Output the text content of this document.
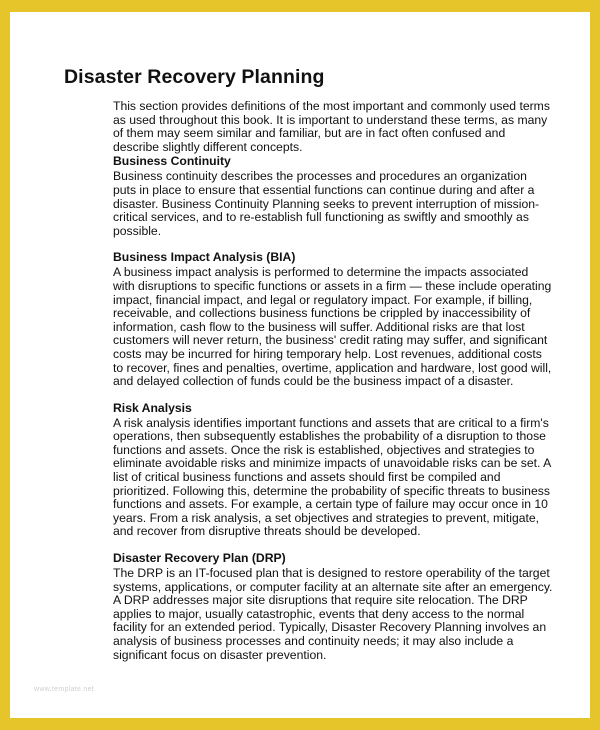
Disaster Recovery Planning

This section provides definitions of the most important and commonly used terms as used throughout this book. It is important to understand these terms, as many of them may seem similar and familiar, but are in fact often confused and describe slightly different concepts.

Business Continuity

Business continuity describes the processes and procedures an organization puts in place to ensure that essential functions can continue during and after a disaster. Business Continuity Planning seeks to prevent interruption of mission-critical services, and to re-establish full functioning as swiftly and smoothly as possible.

Business Impact Analysis (BIA)

A business impact analysis is performed to determine the impacts associated with disruptions to specific functions or assets in a firm — these include operating impact, financial impact, and legal or regulatory impact. For example, if billing, receivable, and collections business functions be crippled by inaccessibility of information, cash flow to the business will suffer. Additional risks are that lost customers will never return, the business' credit rating may suffer, and significant costs may be incurred for hiring temporary help. Lost revenues, additional costs to recover, fines and penalties, overtime, application and hardware, lost good will, and delayed collection of funds could be the business impact of a disaster.

Risk Analysis

A risk analysis identifies important functions and assets that are critical to a firm's operations, then subsequently establishes the probability of a disruption to those functions and assets. Once the risk is established, objectives and strategies to eliminate avoidable risks and minimize impacts of unavoidable risks can be set. A list of critical business functions and assets should first be compiled and prioritized. Following this, determine the probability of specific threats to business functions and assets. For example, a certain type of failure may occur once in 10 years. From a risk analysis, a set objectives and strategies to prevent, mitigate, and recover from disruptive threats should be developed.

Disaster Recovery Plan (DRP)

The DRP is an IT-focused plan that is designed to restore operability of the target systems, applications, or computer facility at an alternate site after an emergency. A DRP addresses major site disruptions that require site relocation. The DRP applies to major, usually catastrophic, events that deny access to the normal facility for an extended period. Typically, Disaster Recovery Planning involves an analysis of business processes and continuity needs; it may also include a significant focus on disaster prevention.

www.template.net
